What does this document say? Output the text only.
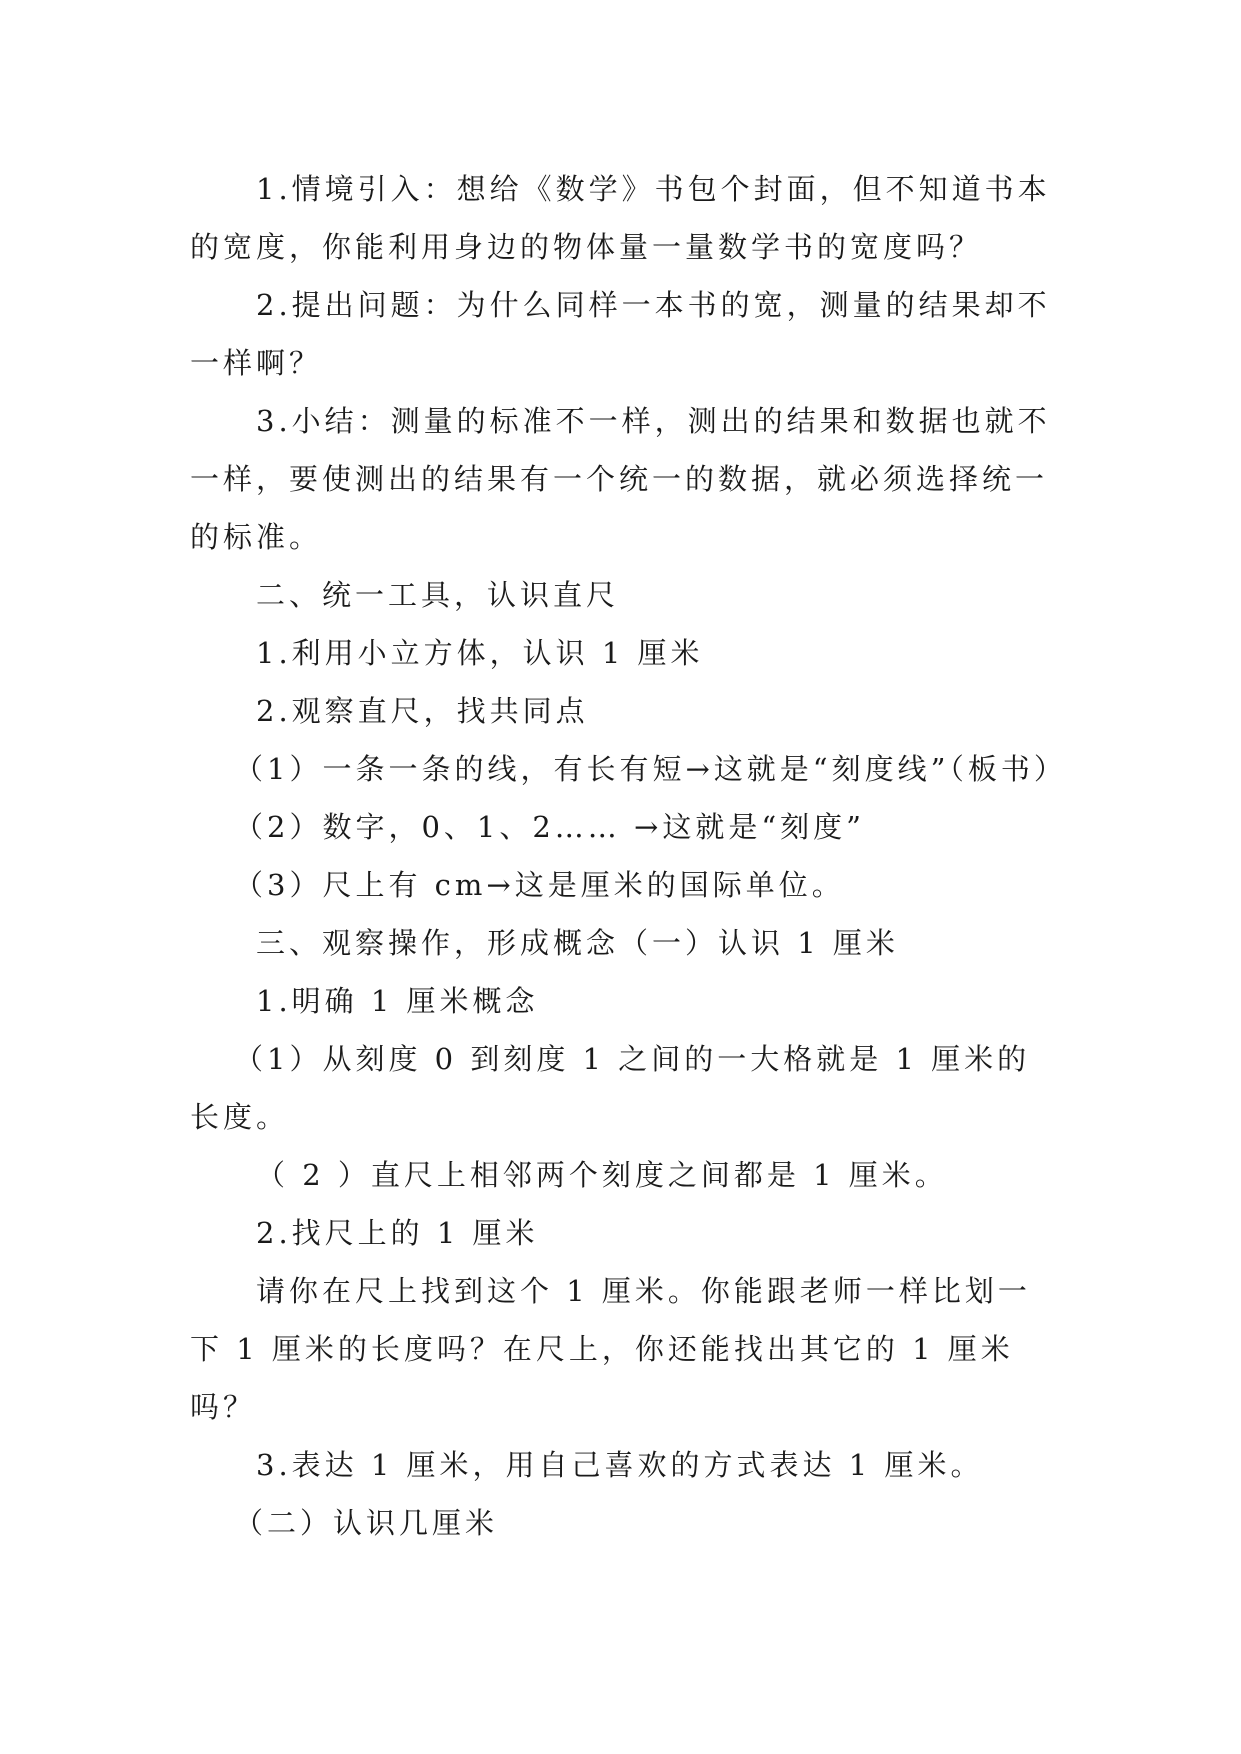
1.情境引入：想给《数学》书包个封面，但不知道书本的宽度，你能利用身边的物体量一量数学书的宽度吗？

2.提出问题：为什么同样一本书的宽，测量的结果却不一样啊？

3.小结：测量的标准不一样，测出的结果和数据也就不一样，要使测出的结果有一个统一的数据，就必须选择统一的标准。

二、统一工具，认识直尺

1.利用小立方体，认识 1 厘米

2.观察直尺，找共同点

（1）一条一条的线，有长有短→这就是“刻度线”（板书）

（2）数字，0、1、2…… →这就是“刻度”

（3）尺上有 cm→这是厘米的国际单位。

三、观察操作，形成概念（一）认识 1 厘米

1.明确 1 厘米概念

（1）从刻度 0 到刻度 1 之间的一大格就是 1 厘米的长度。

（ 2 ）直尺上相邻两个刻度之间都是 1 厘米。

2.找尺上的 1 厘米

请你在尺上找到这个 1 厘米。你能跟老师一样比划一下 1 厘米的长度吗？在尺上，你还能找出其它的 1 厘米吗？

3.表达 1 厘米，用自己喜欢的方式表达 1 厘米。

（二）认识几厘米
